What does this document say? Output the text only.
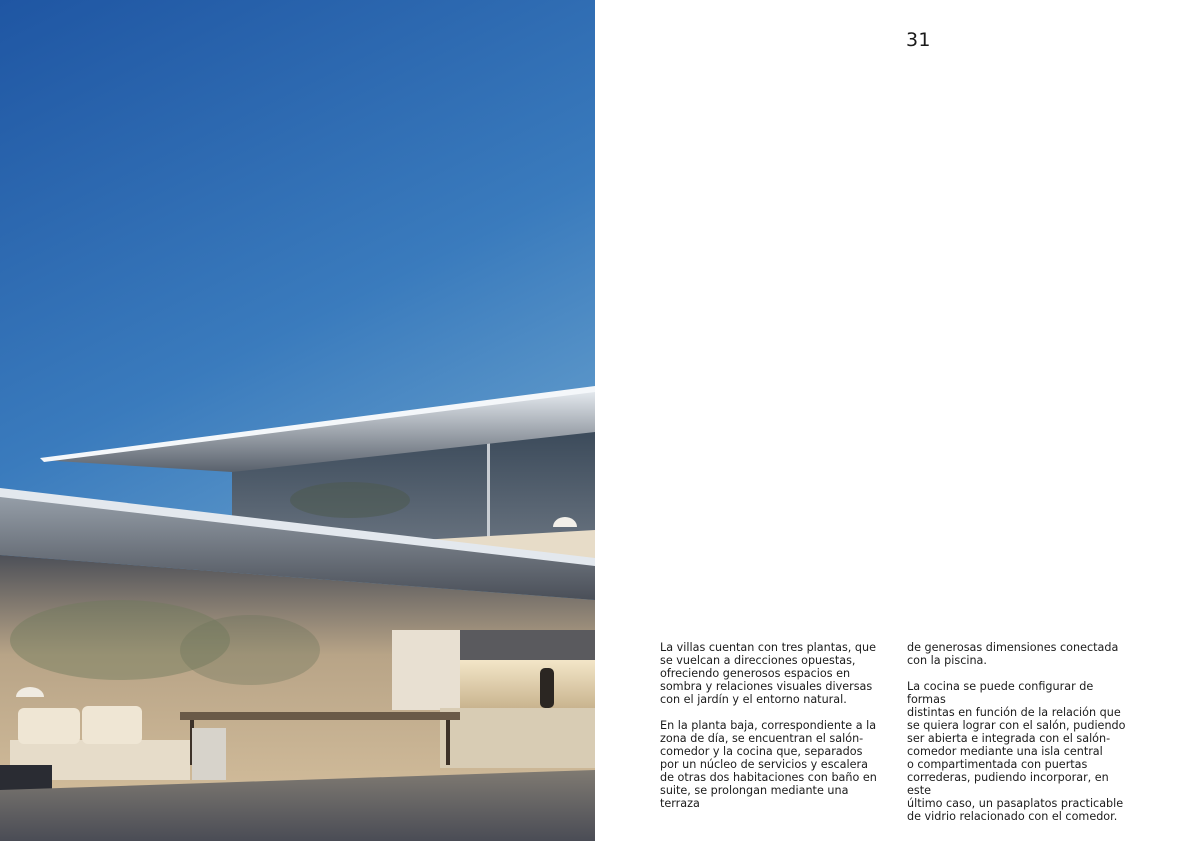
31

La villas cuentan con tres plantas, que
se vuelcan a direcciones opuestas,
ofreciendo generosos espacios en
sombra y relaciones visuales diversas
con el jardín y el entorno natural.

En la planta baja, correspondiente a la
zona de día, se encuentran el salón-
comedor y la cocina que, separados
por un núcleo de servicios y escalera
de otras dos habitaciones con baño en
suite, se prolongan mediante una terraza

de generosas dimensiones conectada
con la piscina.

La cocina se puede configurar de formas
distintas en función de la relación que
se quiera lograr con el salón, pudiendo
ser abierta e integrada con el salón-
comedor mediante una isla central
o compartimentada con puertas
correderas, pudiendo incorporar, en este
último caso, un pasaplatos practicable
de vidrio relacionado con el comedor.
